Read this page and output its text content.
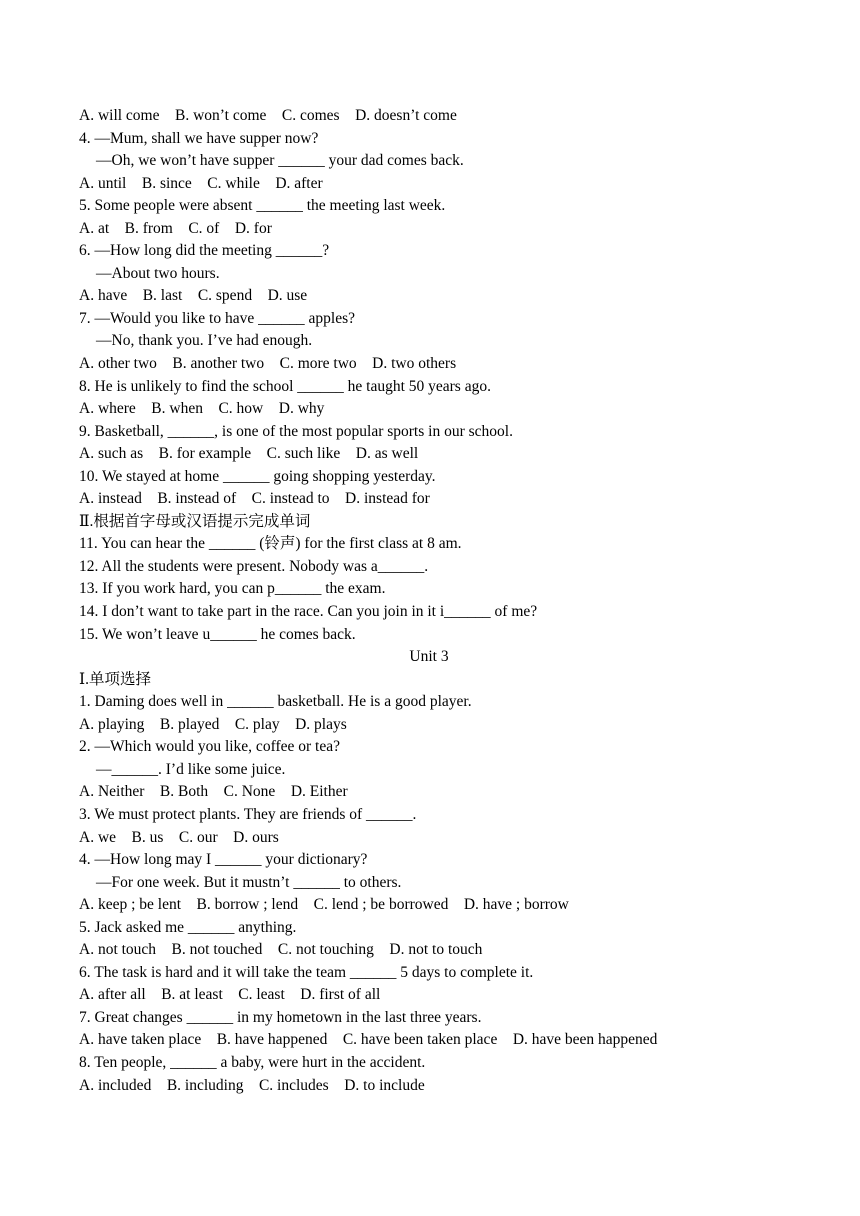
A. will come    B. won’t come    C. comes    D. doesn’t come
4. —Mum, shall we have supper now?
—Oh, we won’t have supper ______ your dad comes back.
A. until    B. since    C. while    D. after
5. Some people were absent ______ the meeting last week.
A. at    B. from    C. of    D. for
6. —How long did the meeting ______?
—About two hours.
A. have    B. last    C. spend    D. use
7. —Would you like to have ______ apples?
—No, thank you. I’ve had enough.
A. other two    B. another two    C. more two    D. two others
8. He is unlikely to find the school ______ he taught 50 years ago.
A. where    B. when    C. how    D. why
9. Basketball, ______, is one of the most popular sports in our school.
A. such as    B. for example    C. such like    D. as well
10. We stayed at home ______ going shopping yesterday.
A. instead    B. instead of    C. instead to    D. instead for
Ⅱ.根据首字母或汉语提示完成单词
11. You can hear the ______ (铃声) for the first class at 8 am.
12. All the students were present. Nobody was a______.
13. If you work hard, you can p______ the exam.
14. I don’t want to take part in the race. Can you join in it i______ of me?
15. We won’t leave u______ he comes back.
Unit 3
Ⅰ.单项选择
1. Daming does well in ______ basketball. He is a good player.
A. playing    B. played    C. play    D. plays
2. —Which would you like, coffee or tea?
—______. I’d like some juice.
A. Neither    B. Both    C. None    D. Either
3. We must protect plants. They are friends of ______.
A. we    B. us    C. our    D. ours
4. —How long may I ______ your dictionary?
—For one week. But it mustn’t ______ to others.
A. keep ; be lent    B. borrow ; lend    C. lend ; be borrowed    D. have ; borrow
5. Jack asked me ______ anything.
A. not touch    B. not touched    C. not touching    D. not to touch
6. The task is hard and it will take the team ______ 5 days to complete it.
A. after all    B. at least    C. least    D. first of all
7. Great changes ______ in my hometown in the last three years.
A. have taken place    B. have happened    C. have been taken place    D. have been happened
8. Ten people, ______ a baby, were hurt in the accident.
A. included    B. including    C. includes    D. to include
